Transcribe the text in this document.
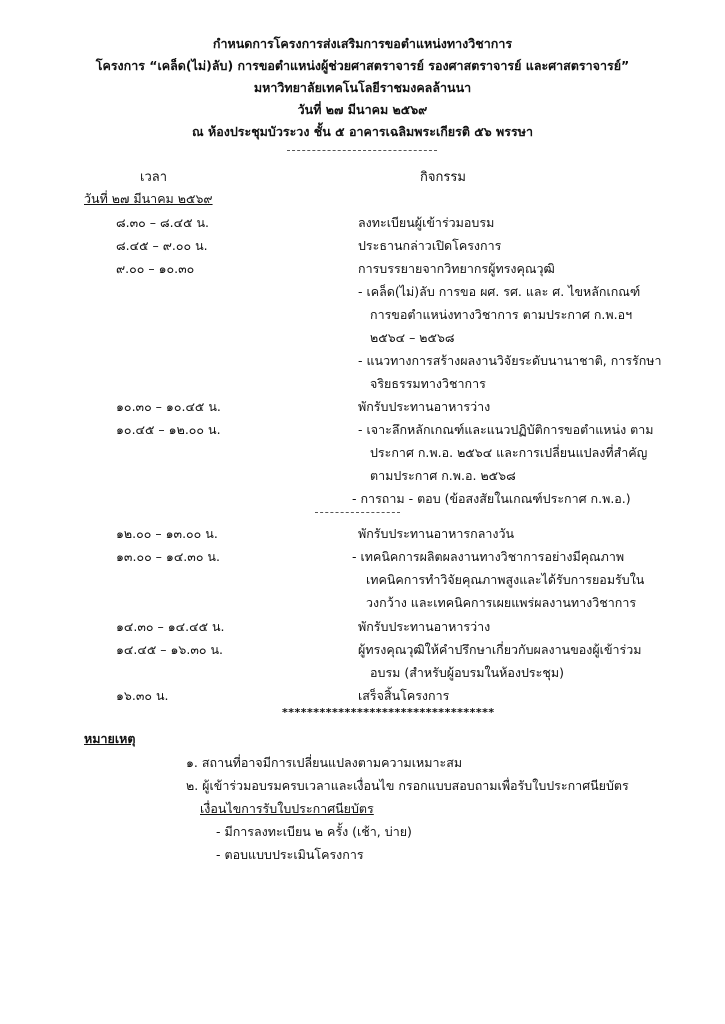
กำหนดการโครงการส่งเสริมการขอตำแหน่งทางวิชาการ
โครงการ “เคล็ด(ไม่)ลับ) การขอตำแหน่งผู้ช่วยศาสตราจารย์ รองศาสตราจารย์ และศาสตราจารย์”
มหาวิทยาลัยเทคโนโลยีราชมงคลล้านนา
วันที่ ๒๗ มีนาคม ๒๕๖๙
ณ ห้องประชุมบัวระวง ชั้น ๕ อาคารเฉลิมพระเกียรติ ๕๖ พรรษา
เวลา	กิจกรรม
วันที่ ๒๗ มีนาคม ๒๕๖๙
๘.๓๐ – ๘.๔๕ น.	ลงทะเบียนผู้เข้าร่วมอบรม
๘.๔๕ – ๙.๐๐ น.	ประธานกล่าวเปิดโครงการ
๙.๐๐ – ๑๐.๓๐	การบรรยายจากวิทยากรผู้ทรงคุณวุฒิ
- เคล็ด(ไม่)ลับ การขอ ผศ. รศ. และ ศ. ไขหลักเกณฑ์
การขอตำแหน่งทางวิชาการ ตามประกาศ ก.พ.อฯ
๒๕๖๔ – ๒๕๖๘
- แนวทางการสร้างผลงานวิจัยระดับนานาชาติ, การรักษา
จริยธรรมทางวิชาการ
๑๐.๓๐ – ๑๐.๔๕ น.	พักรับประทานอาหารว่าง
๑๐.๔๕ – ๑๒.๐๐ น.	- เจาะลึกหลักเกณฑ์และแนวปฏิบัติการขอตำแหน่ง ตาม
ประกาศ ก.พ.อ. ๒๕๖๔ และการเปลี่ยนแปลงที่สำคัญ
ตามประกาศ ก.พ.อ. ๒๕๖๘
- การถาม - ตอบ (ข้อสงสัยในเกณฑ์ประกาศ ก.พ.อ.)
๑๒.๐๐ – ๑๓.๐๐ น.	พักรับประทานอาหารกลางวัน
๑๓.๐๐ – ๑๔.๓๐ น.	- เทคนิคการผลิตผลงานทางวิชาการอย่างมีคุณภาพ
เทคนิคการทำวิจัยคุณภาพสูงและได้รับการยอมรับใน
วงกว้าง และเทคนิคการเผยแพร่ผลงานทางวิชาการ
๑๔.๓๐ – ๑๔.๔๕ น.	พักรับประทานอาหารว่าง
๑๔.๔๕ – ๑๖.๓๐ น.	ผู้ทรงคุณวุฒิให้คำปรึกษาเกี่ยวกับผลงานของผู้เข้าร่วม
อบรม (สำหรับผู้อบรมในห้องประชุม)
๑๖.๓๐ น.	เสร็จสิ้นโครงการ
**********************************
หมายเหตุ
๑. สถานที่อาจมีการเปลี่ยนแปลงตามความเหมาะสม
๒. ผู้เข้าร่วมอบรมครบเวลาและเงื่อนไข กรอกแบบสอบถามเพื่อรับใบประกาศนียบัตร
เงื่อนไขการรับใบประกาศนียบัตร
- มีการลงทะเบียน ๒ ครั้ง (เช้า, บ่าย)
- ตอบแบบประเมินโครงการ
